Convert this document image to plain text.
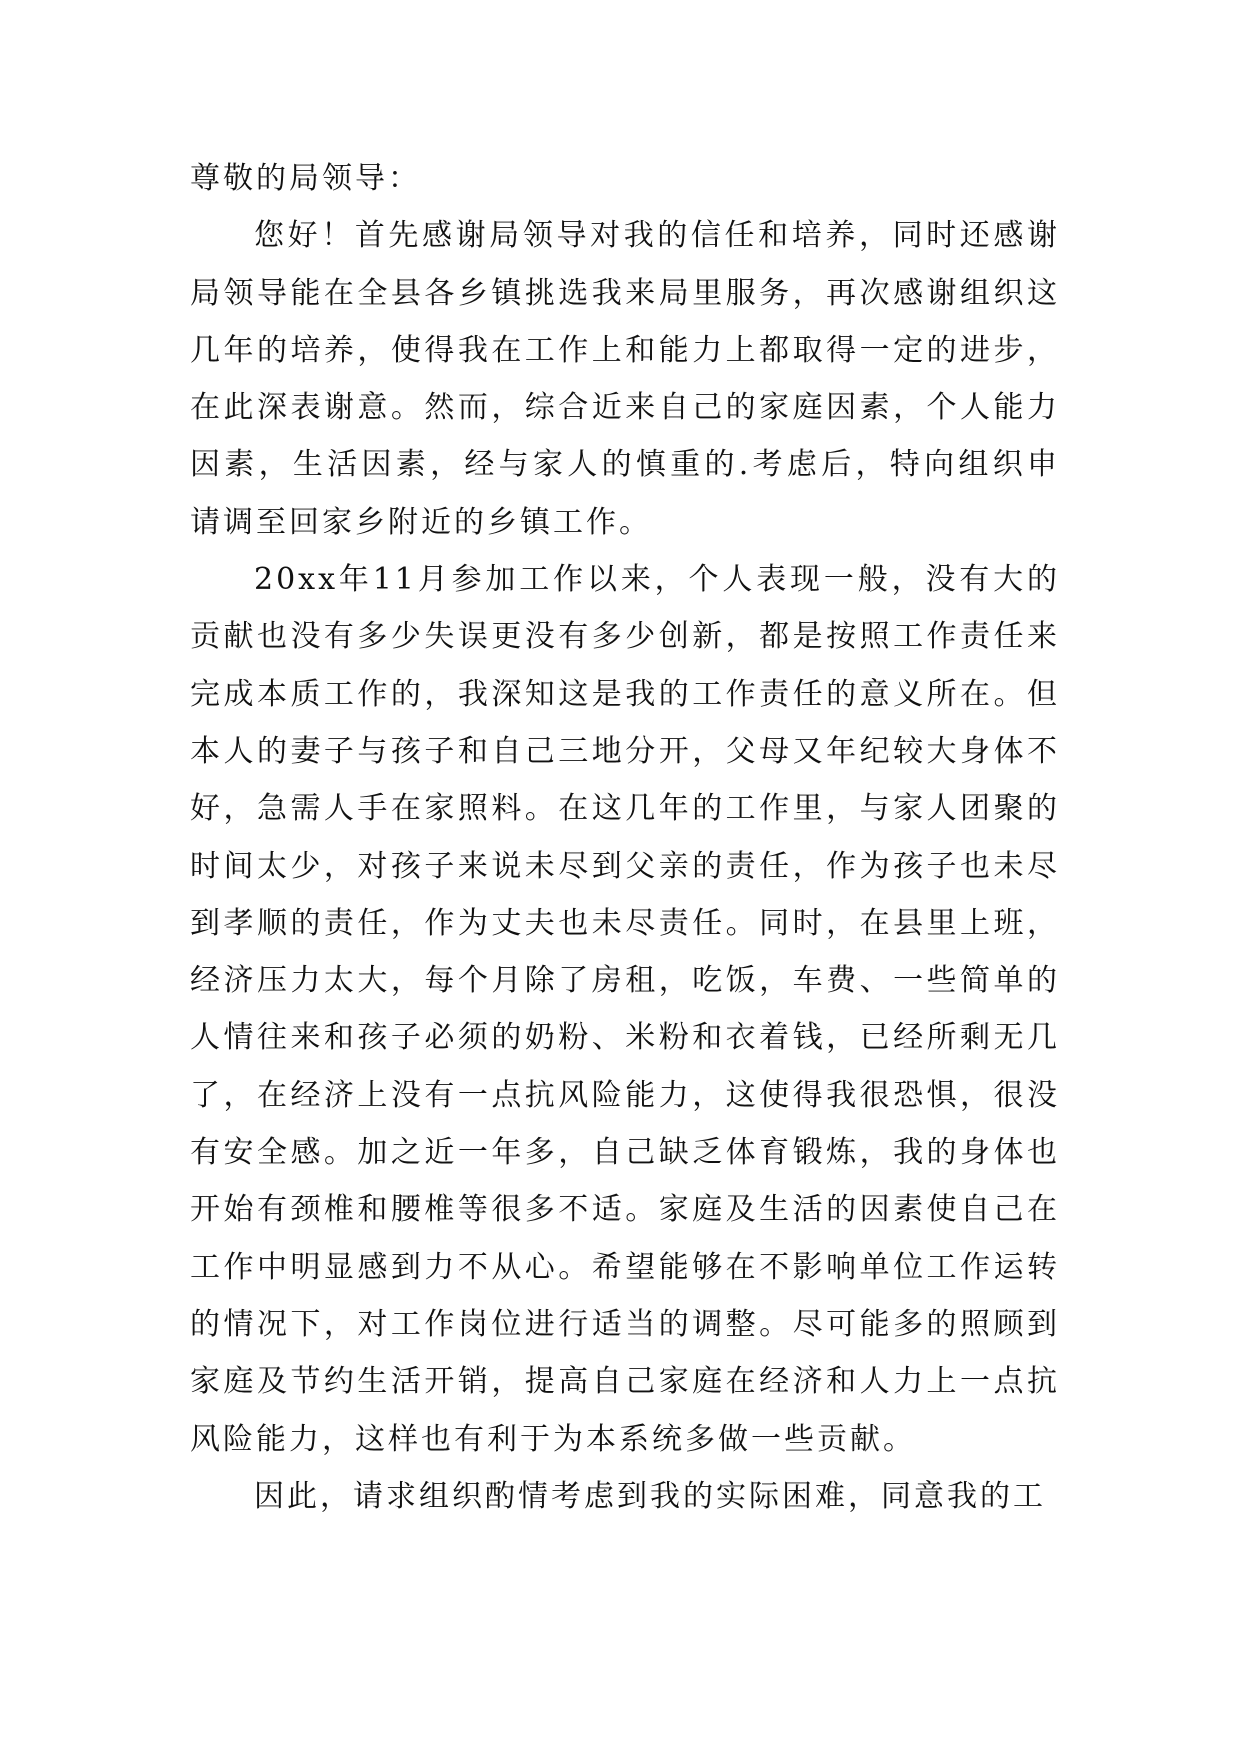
尊敬的局领导：

您好！首先感谢局领导对我的信任和培养，同时还感谢局领导能在全县各乡镇挑选我来局里服务，再次感谢组织这几年的培养，使得我在工作上和能力上都取得一定的进步，在此深表谢意。然而，综合近来自己的家庭因素，个人能力因素，生活因素，经与家人的慎重的.考虑后，特向组织申请调至回家乡附近的乡镇工作。

20xx年11月参加工作以来，个人表现一般，没有大的贡献也没有多少失误更没有多少创新，都是按照工作责任来完成本质工作的，我深知这是我的工作责任的意义所在。但本人的妻子与孩子和自己三地分开，父母又年纪较大身体不好，急需人手在家照料。在这几年的工作里，与家人团聚的时间太少，对孩子来说未尽到父亲的责任，作为孩子也未尽到孝顺的责任，作为丈夫也未尽责任。同时，在县里上班，经济压力太大，每个月除了房租，吃饭，车费、一些简单的人情往来和孩子必须的奶粉、米粉和衣着钱，已经所剩无几了，在经济上没有一点抗风险能力，这使得我很恐惧，很没有安全感。加之近一年多，自己缺乏体育锻炼，我的身体也开始有颈椎和腰椎等很多不适。家庭及生活的因素使自己在工作中明显感到力不从心。希望能够在不影响单位工作运转的情况下，对工作岗位进行适当的调整。尽可能多的照顾到家庭及节约生活开销，提高自己家庭在经济和人力上一点抗风险能力，这样也有利于为本系统多做一些贡献。

因此，请求组织酌情考虑到我的实际困难，同意我的工
